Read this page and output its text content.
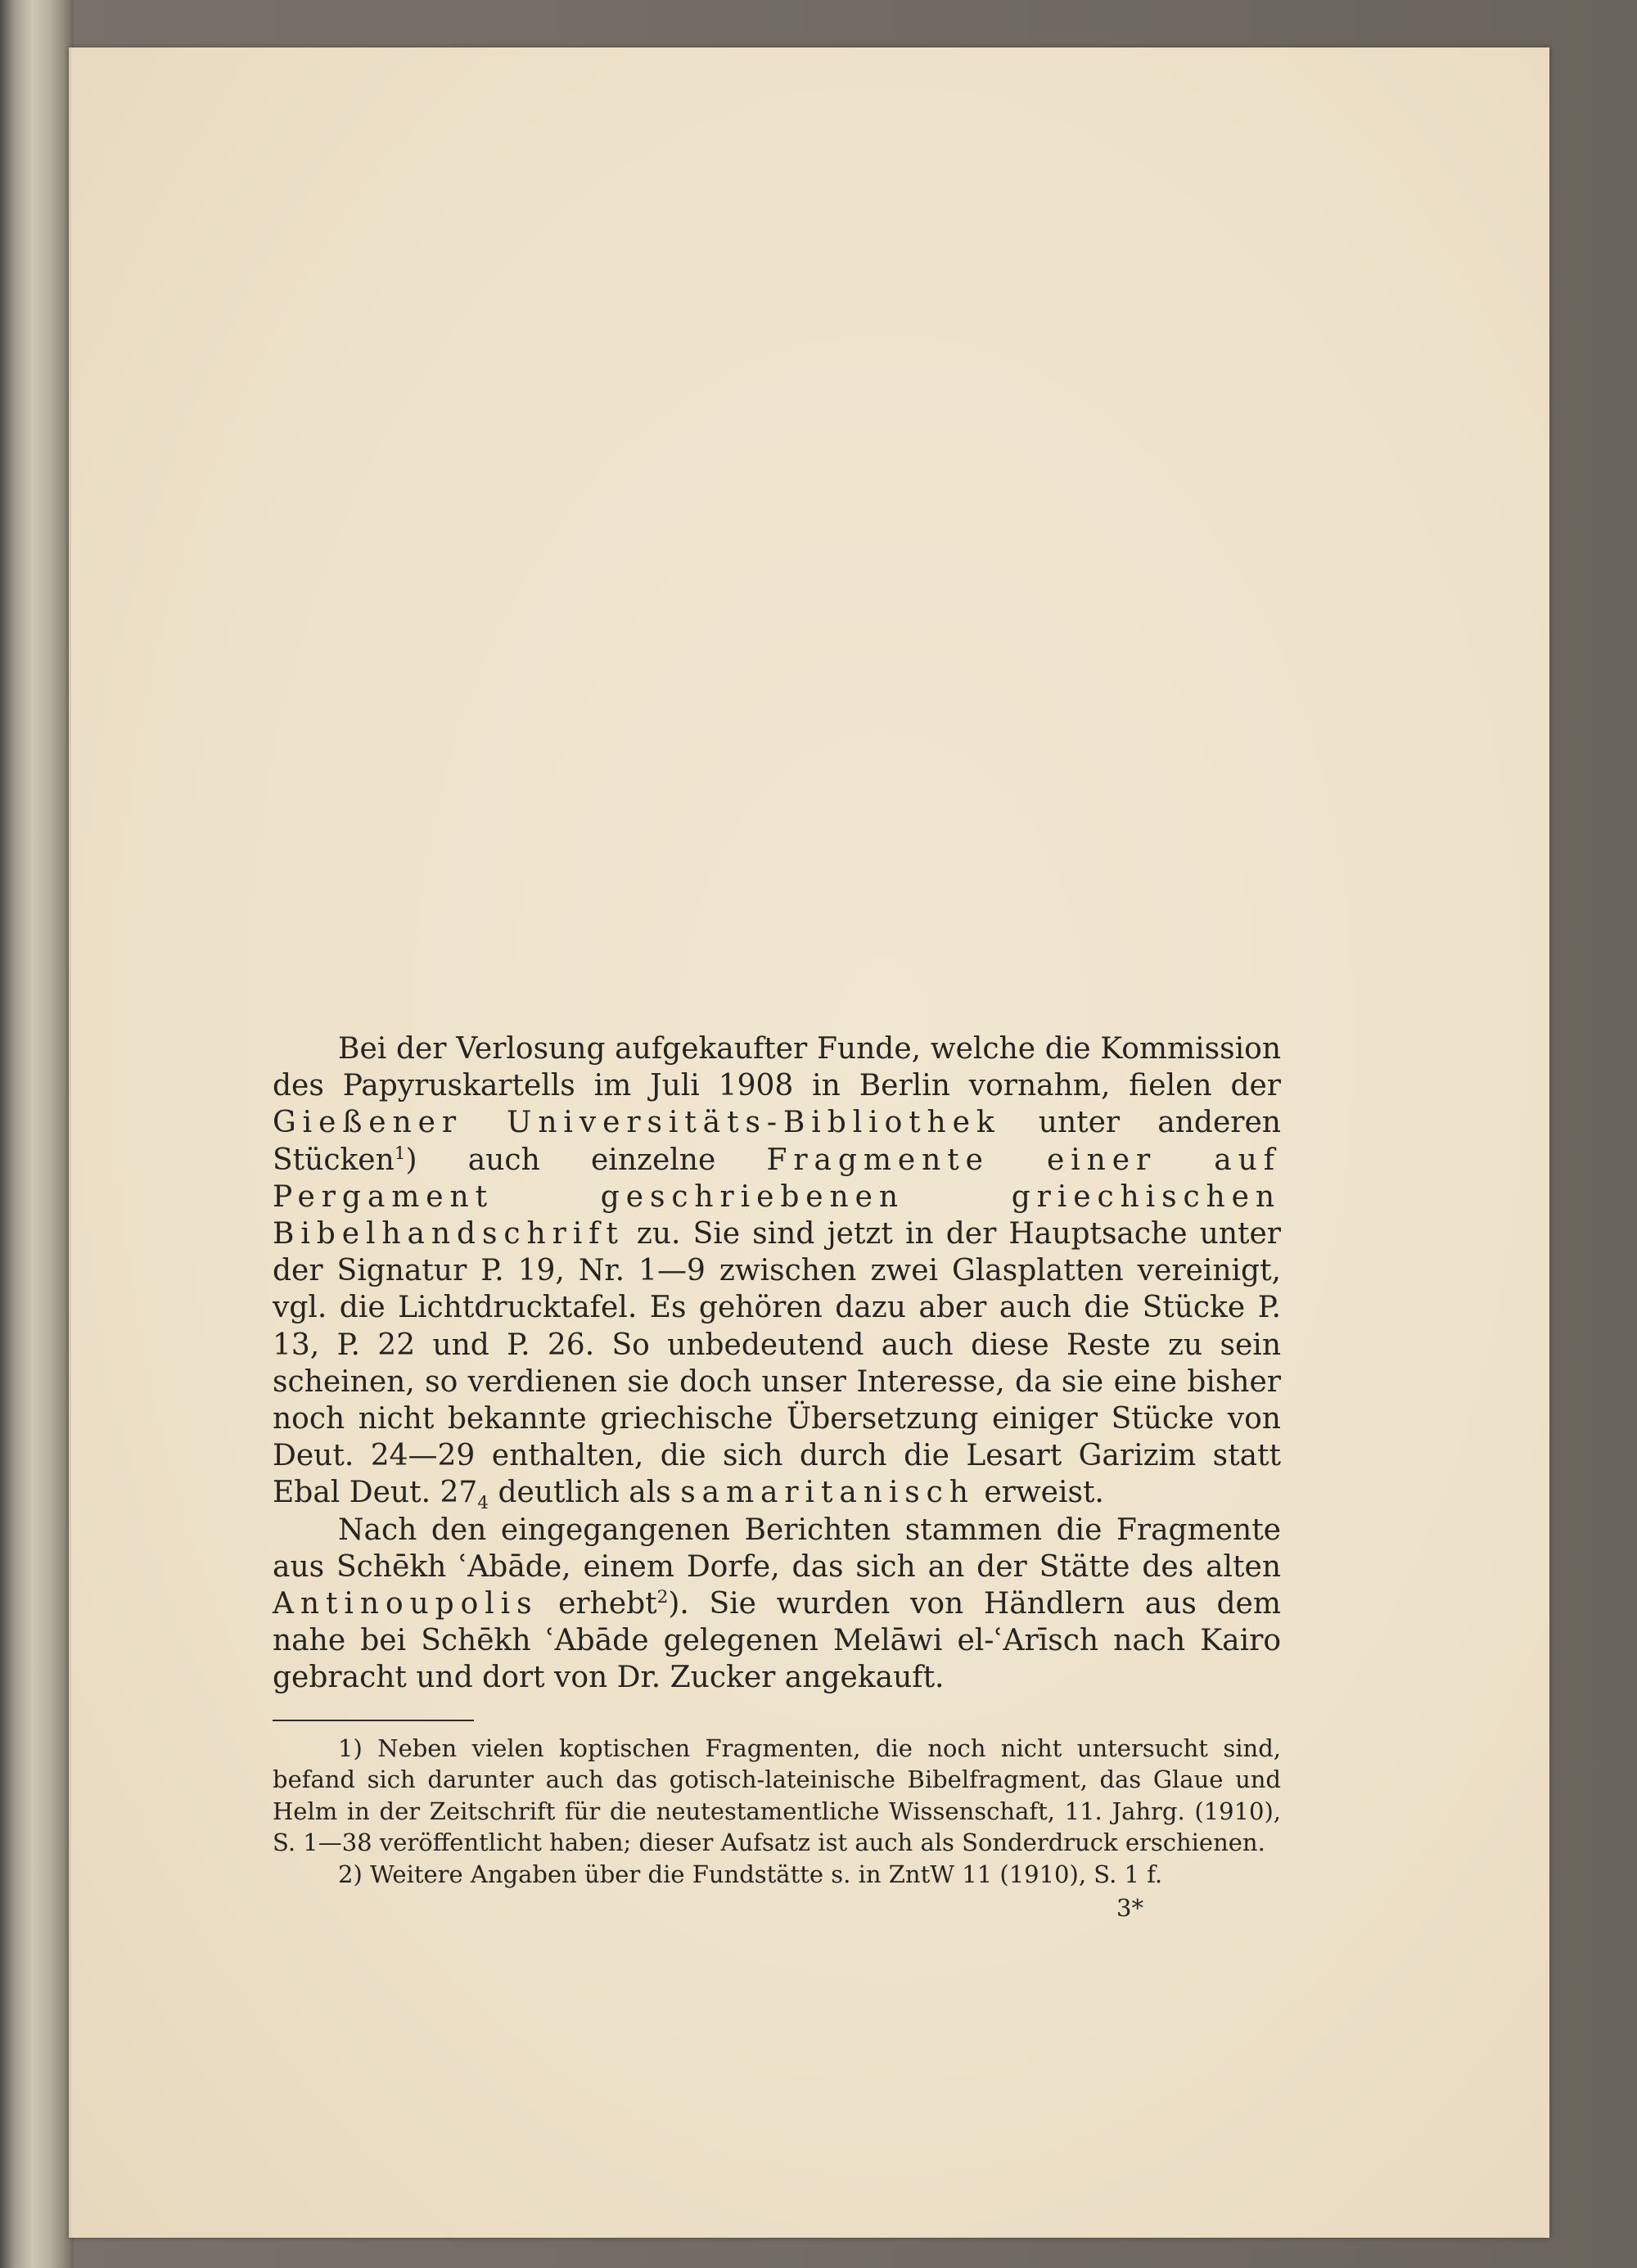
Bei der Verlosung aufgekaufter Funde, welche die Kommission des Papyruskartells im Juli 1908 in Berlin vornahm, fielen der Gießener Universitäts-Bibliothek unter anderen Stücken$^1$) auch einzelne Fragmente einer auf Pergament geschriebenen griechischen Bibelhandschrift zu. Sie sind jetzt in der Hauptsache unter der Signatur P. 19, Nr. 1—9 zwischen zwei Glasplatten vereinigt, vgl. die Lichtdrucktafel. Es gehören dazu aber auch die Stücke P. 13, P. 22 und P. 26. So unbedeutend auch diese Reste zu sein scheinen, so verdienen sie doch unser Interesse, da sie eine bisher noch nicht bekannte griechische Übersetzung einiger Stücke von Deut. 24—29 enthalten, die sich durch die Lesart Garizim statt Ebal Deut. $27_4$ deutlich als samaritanisch erweist.

Nach den eingegangenen Berichten stammen die Fragmente aus Schēkh ʿAbāde, einem Dorfe, das sich an der Stätte des alten Antinoupolis erhebt$^2$). Sie wurden von Händlern aus dem nahe bei Schēkh ʿAbāde gelegenen Melāwi el-ʿArīsch nach Kairo gebracht und dort von Dr. Zucker angekauft.

1) Neben vielen koptischen Fragmenten, die noch nicht untersucht sind, befand sich darunter auch das gotisch-lateinische Bibelfragment, das Glaue und Helm in der Zeitschrift für die neutestamentliche Wissenschaft, 11. Jahrg. (1910), S. 1—38 veröffentlicht haben; dieser Aufsatz ist auch als Sonderdruck erschienen.

2) Weitere Angaben über die Fundstätte s. in ZntW 11 (1910), S. 1 f.

3*
